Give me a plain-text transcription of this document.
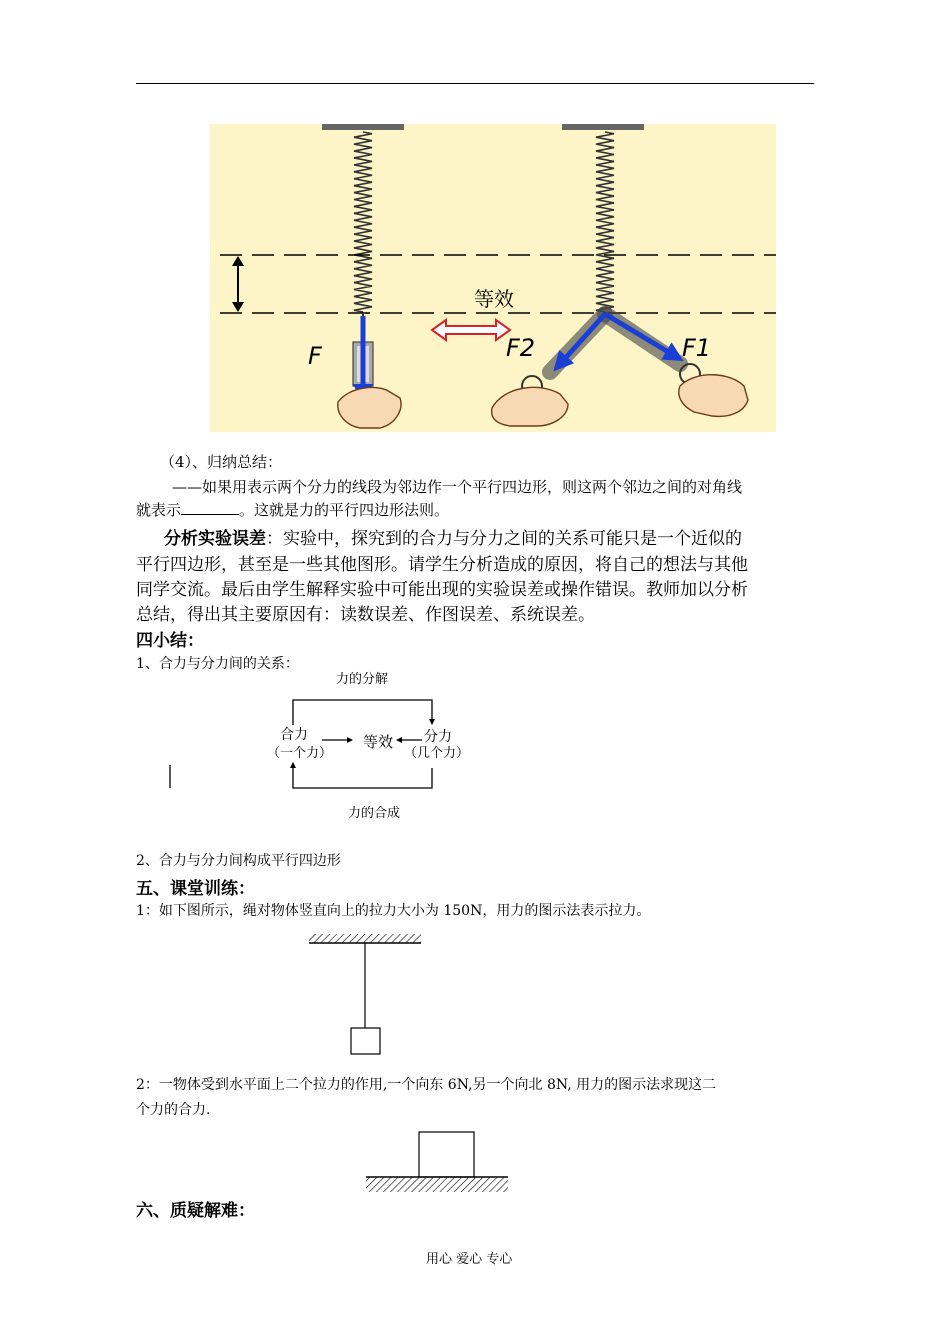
等效
F	F2	F1
（4）、归纳总结：
——如果用表示两个分力的线段为邻边作一个平行四边形，则这两个邻边之间的对角线
就表示	。这就是力的平行四边形法则。
分析实验误差：实验中，探究到的合力与分力之间的关系可能只是一个近似的
平行四边形，甚至是一些其他图形。请学生分析造成的原因，将自己的想法与其他
同学交流。最后由学生解释实验中可能出现的实验误差或操作错误。教师加以分析
总结，得出其主要原因有：读数误差、作图误差、系统误差。
四小结：
1、合力与分力间的关系：
力的分解
合力
（一个力）
等效 分力
（几个力）
力的合成
2、合力与分力间构成平行四边形
五、课堂训练：
1：如下图所示，绳对物体竖直向上的拉力大小为 150N，用力的图示法表示拉力。
2：一物体受到水平面上二个拉力的作用,一个向东 6N,另一个向北 8N, 用力的图示法求现这二
个力的合力.
六、质疑解难：
用心 爱心 专心
